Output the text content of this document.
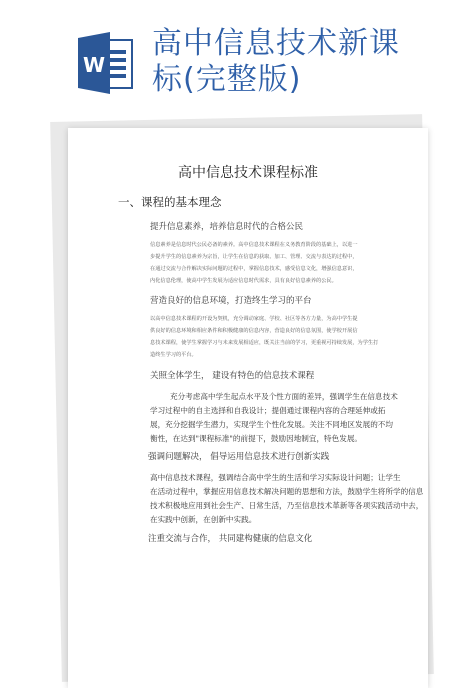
W
高中信息技术新课
标(完整版)
高中信息技术课程标准
一、课程的基本理念
提升信息素养，培养信息时代的合格公民
信息素养是信息时代公民必备的素养。高中信息技术课程在义务教育阶段的基础上，以进一
步提升学生的信息素养为宗旨，让学生在信息的获取、加工、管理、交流与表达的过程中，
在通过交流与合作解决实际问题的过程中，掌握信息技术，感受信息文化，增强信息意识，
内化信息伦理，使高中学生发展为适应信息时代需求，具有良好信息素养的公民。
营造良好的信息环境，打造终生学习的平台
以高中信息技术课程的开设为契机，充分调动家庭、学校、社区等各方力量，为高中学生提
供良好的信息环境和相应条件和积极健康的信息内容，营造良好的信息氛围，使学校开展信
息技术课程，使学生掌握学习与未来发展相适应，既关注当前的学习，更重视可持续发展，为学生打
造终生学习的平台。
关照全体学生， 建设有特色的信息技术课程
充分考虑高中学生起点水平及个性方面的差异，强调学生在信息技术
学习过程中的自主选择和自我设计；提倡通过课程内容的合理延伸或拓
展，充分挖掘学生潜力，实现学生个性化发展。关注不同地区发展的不均
衡性，在达到"课程标准"的前提下，鼓励因地制宜，特色发展。
强调问题解决， 倡导运用信息技术进行创新实践
高中信息技术课程，强调结合高中学生的生活和学习实际设计问题；让学生
在活动过程中，掌握应用信息技术解决问题的思想和方法，鼓励学生将所学的信息
技术积极地应用到社会生产、日常生活，乃至信息技术革新等各项实践活动中去，
在实践中创新，在创新中实践。
注重交流与合作， 共同建构健康的信息文化
